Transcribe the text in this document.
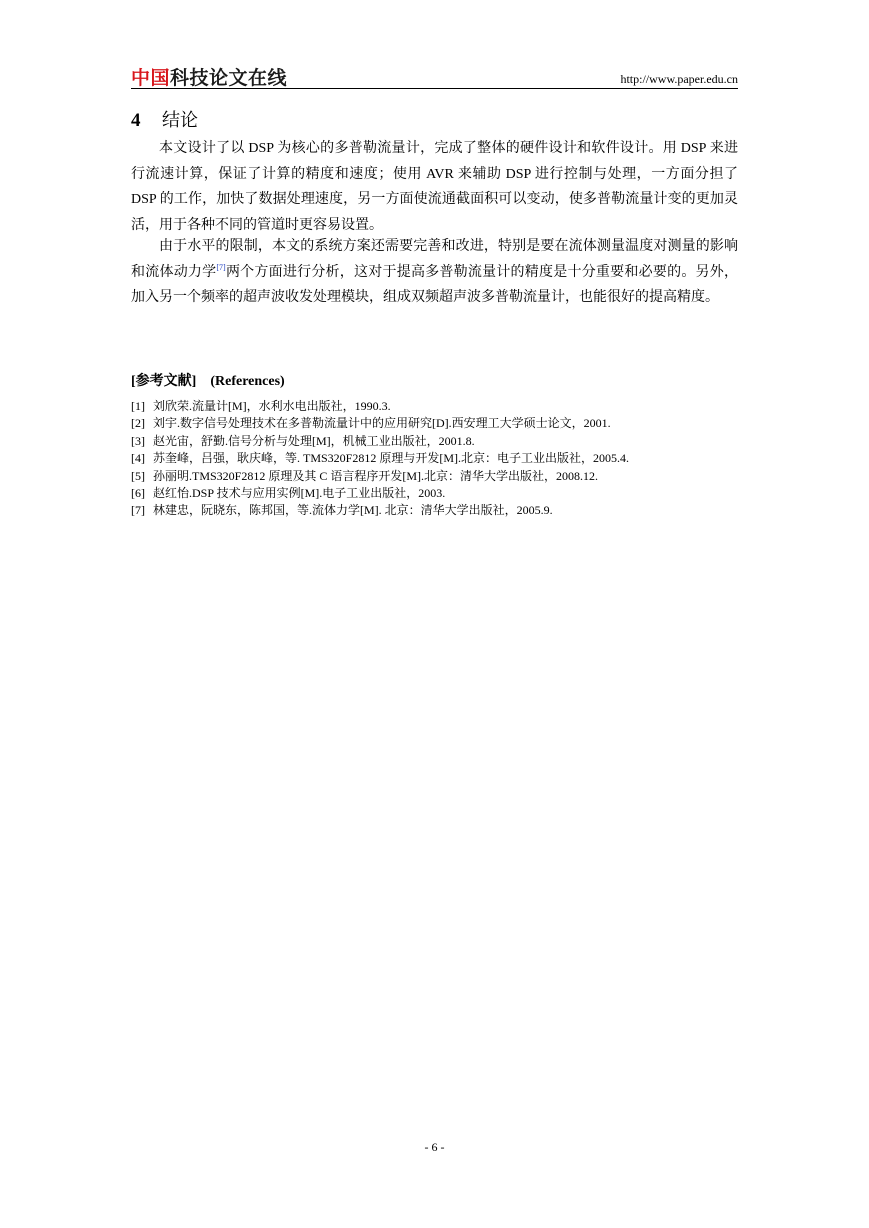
中国科技论文在线	http://www.paper.edu.cn
4 结论

本文设计了以 DSP 为核心的多普勒流量计，完成了整体的硬件设计和软件设计。用 DSP 来进行流速计算，保证了计算的精度和速度；使用 AVR 来辅助 DSP 进行控制与处理，一方面分担了 DSP 的工作，加快了数据处理速度，另一方面使流通截面积可以变动，使多普勒流量计变的更加灵活，用于各种不同的管道时更容易设置。

由于水平的限制，本文的系统方案还需要完善和改进，特别是要在流体测量温度对测量的影响和流体动力学[7]两个方面进行分析，这对于提高多普勒流量计的精度是十分重要和必要的。另外，加入另一个频率的超声波收发处理模块，组成双频超声波多普勒流量计，也能很好的提高精度。

[参考文献] (References)
[1] 刘欣荣.流量计[M]，水利水电出版社，1990.3.
[2] 刘宇.数字信号处理技术在多普勒流量计中的应用研究[D].西安理工大学硕士论文，2001.
[3] 赵光宙，舒勤.信号分析与处理[M]，机械工业出版社，2001.8.
[4] 苏奎峰，吕强，耿庆峰，等. TMS320F2812 原理与开发[M].北京：电子工业出版社，2005.4.
[5] 孙丽明.TMS320F2812 原理及其 C 语言程序开发[M].北京：清华大学出版社，2008.12.
[6] 赵红怡.DSP 技术与应用实例[M].电子工业出版社，2003.
[7] 林建忠，阮晓东，陈邦国，等.流体力学[M]. 北京：清华大学出版社，2005.9.
- 6 -
